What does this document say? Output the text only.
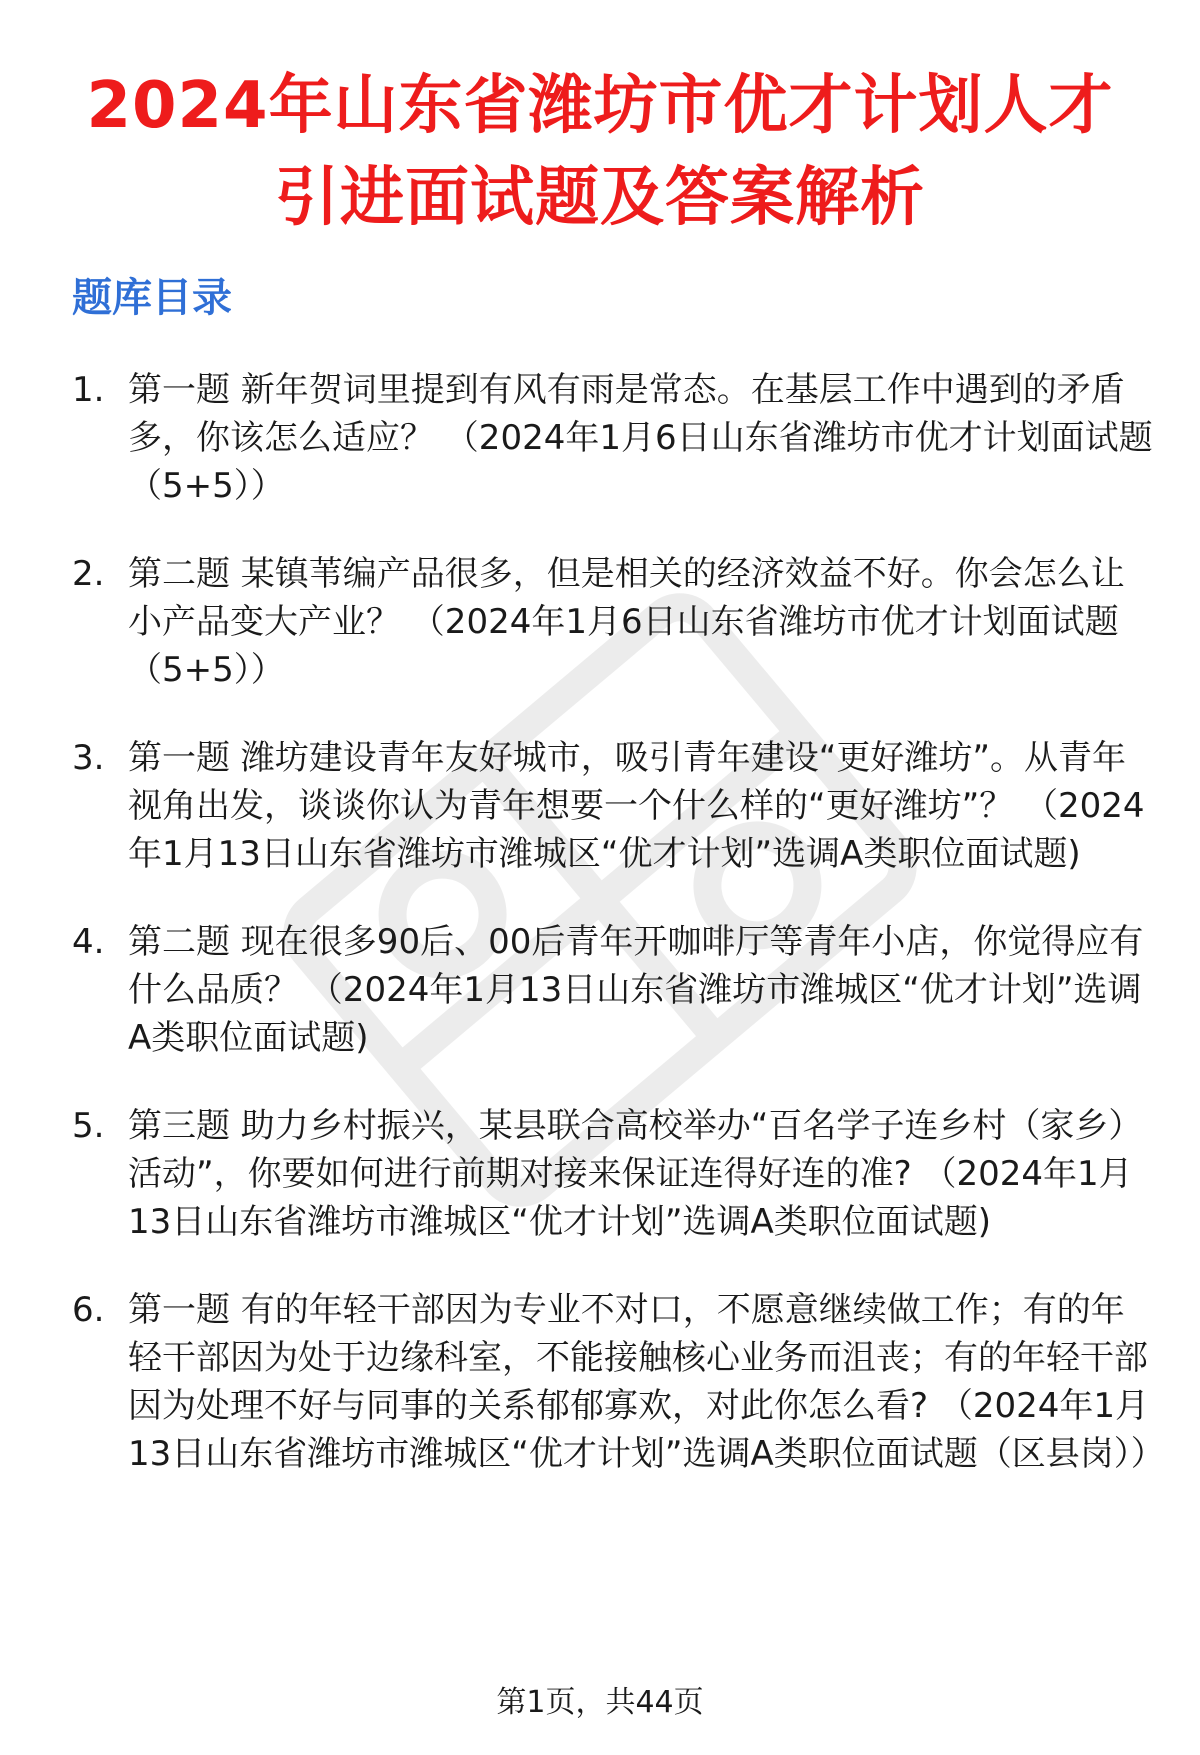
2024年山东省潍坊市优才计划人才引进面试题及答案解析
题库目录
1. 第一题 新年贺词里提到有风有雨是常态。在基层工作中遇到的矛盾多，你该怎么适应？ （2024年1月6日山东省潍坊市优才计划面试题（5+5））
2. 第二题 某镇苇编产品很多，但是相关的经济效益不好。你会怎么让小产品变大产业？ （2024年1月6日山东省潍坊市优才计划面试题（5+5））
3. 第一题 潍坊建设青年友好城市，吸引青年建设“更好潍坊”。从青年视角出发，谈谈你认为青年想要一个什么样的“更好潍坊”？ （2024年1月13日山东省潍坊市潍城区“优才计划”选调A类职位面试题)
4. 第二题 现在很多90后、00后青年开咖啡厅等青年小店，你觉得应有什么品质？ （2024年1月13日山东省潍坊市潍城区“优才计划”选调A类职位面试题)
5. 第三题 助力乡村振兴，某县联合高校举办“百名学子连乡村（家乡）活动”，你要如何进行前期对接来保证连得好连的准? （2024年1月13日山东省潍坊市潍城区“优才计划”选调A类职位面试题)
6. 第一题 有的年轻干部因为专业不对口，不愿意继续做工作；有的年轻干部因为处于边缘科室，不能接触核心业务而沮丧；有的年轻干部因为处理不好与同事的关系郁郁寡欢，对此你怎么看? （2024年1月13日山东省潍坊市潍城区“优才计划”选调A类职位面试题（区县岗））
第1页，共44页
